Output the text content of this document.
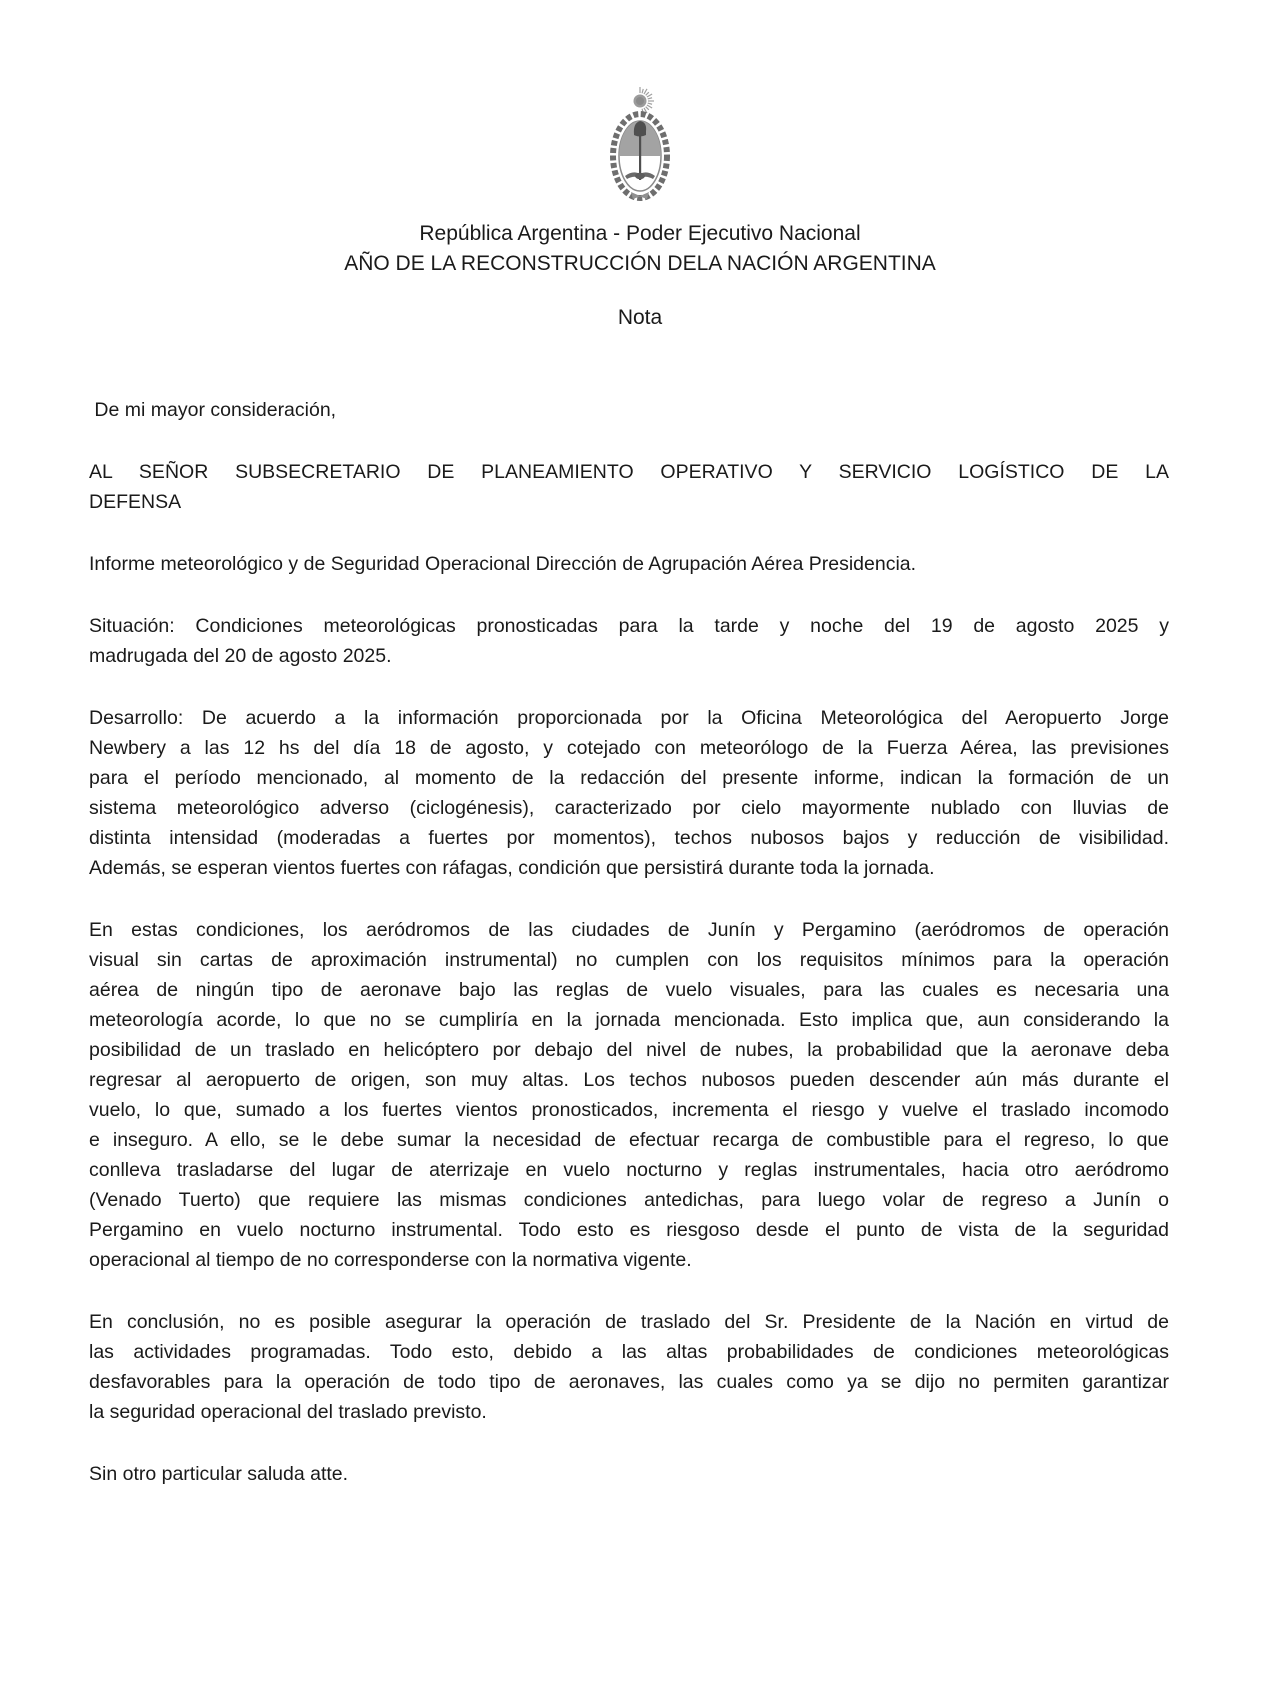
República Argentina - Poder Ejecutivo Nacional
AÑO DE LA RECONSTRUCCIÓN DELA NACIÓN ARGENTINA
Nota

De mi mayor consideración,

AL SEÑOR SUBSECRETARIO DE PLANEAMIENTO OPERATIVO Y SERVICIO LOGÍSTICO DE LA
DEFENSA

Informe meteorológico y de Seguridad Operacional Dirección de Agrupación Aérea Presidencia.

Situación: Condiciones meteorológicas pronosticadas para la tarde y noche del 19 de agosto 2025 y
madrugada del 20 de agosto 2025.

Desarrollo: De acuerdo a la información proporcionada por la Oficina Meteorológica del Aeropuerto Jorge
Newbery a las 12 hs del día 18 de agosto, y cotejado con meteorólogo de la Fuerza Aérea, las previsiones
para el período mencionado, al momento de la redacción del presente informe, indican la formación de un
sistema meteorológico adverso (ciclogénesis), caracterizado por cielo mayormente nublado con lluvias de
distinta intensidad (moderadas a fuertes por momentos), techos nubosos bajos y reducción de visibilidad.
Además, se esperan vientos fuertes con ráfagas, condición que persistirá durante toda la jornada.

En estas condiciones, los aeródromos de las ciudades de Junín y Pergamino (aeródromos de operación
visual sin cartas de aproximación instrumental) no cumplen con los requisitos mínimos para la operación
aérea de ningún tipo de aeronave bajo las reglas de vuelo visuales, para las cuales es necesaria una
meteorología acorde, lo que no se cumpliría en la jornada mencionada. Esto implica que, aun considerando la
posibilidad de un traslado en helicóptero por debajo del nivel de nubes, la probabilidad que la aeronave deba
regresar al aeropuerto de origen, son muy altas. Los techos nubosos pueden descender aún más durante el
vuelo, lo que, sumado a los fuertes vientos pronosticados, incrementa el riesgo y vuelve el traslado incomodo
e inseguro. A ello, se le debe sumar la necesidad de efectuar recarga de combustible para el regreso, lo que
conlleva trasladarse del lugar de aterrizaje en vuelo nocturno y reglas instrumentales, hacia otro aeródromo
(Venado Tuerto) que requiere las mismas condiciones antedichas, para luego volar de regreso a Junín o
Pergamino en vuelo nocturno instrumental. Todo esto es riesgoso desde el punto de vista de la seguridad
operacional al tiempo de no corresponderse con la normativa vigente.

En conclusión, no es posible asegurar la operación de traslado del Sr. Presidente de la Nación en virtud de
las actividades programadas. Todo esto, debido a las altas probabilidades de condiciones meteorológicas
desfavorables para la operación de todo tipo de aeronaves, las cuales como ya se dijo no permiten garantizar
la seguridad operacional del traslado previsto.

Sin otro particular saluda atte.
